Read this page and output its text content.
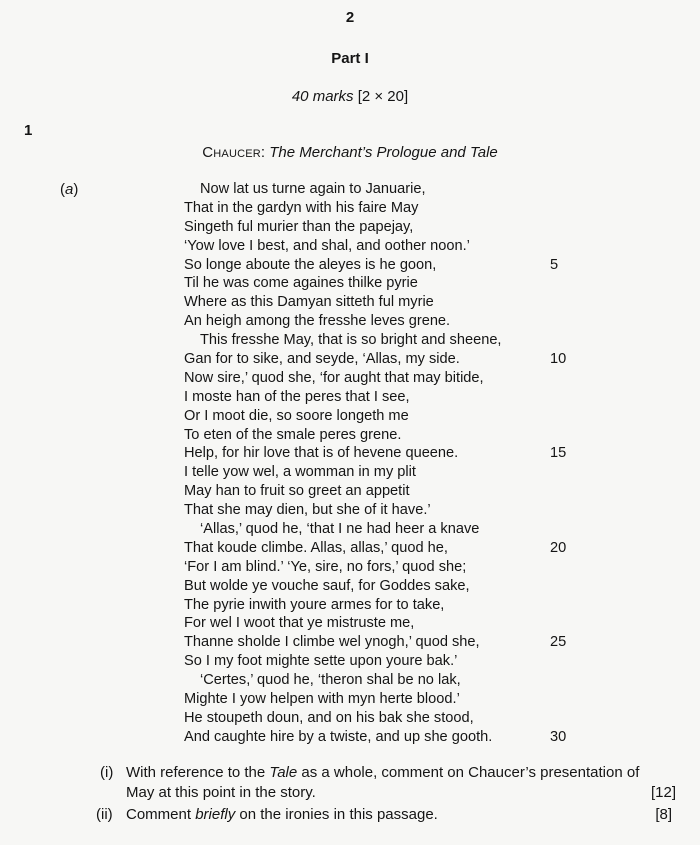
2
Part I
40 marks [2 × 20]
1
Chaucer: The Merchant’s Prologue and Tale
(a)	Now lat us turne again to Januarie,
That in the gardyn with his faire May
Singeth ful murier than the papejay,
‘Yow love I best, and shal, and oother noon.’
So longe aboute the aleyes is he goon,	5
Til he was come againes thilke pyrie
Where as this Damyan sitteth ful myrie
An heigh among the fresshe leves grene.
This fresshe May, that is so bright and sheene,
Gan for to sike, and seyde, ‘Allas, my side.	10
Now sire,’ quod she, ‘for aught that may bitide,
I moste han of the peres that I see,
Or I moot die, so soore longeth me
To eten of the smale peres grene.
Help, for hir love that is of hevene queene.	15
I telle yow wel, a womman in my plit
May han to fruit so greet an appetit
That she may dien, but she of it have.’
‘Allas,’ quod he, ‘that I ne had heer a knave
That koude climbe. Allas, allas,’ quod he,	20
‘For I am blind.’ ‘Ye, sire, no fors,’ quod she;
But wolde ye vouche sauf, for Goddes sake,
The pyrie inwith youre armes for to take,
For wel I woot that ye mistruste me,
Thanne sholde I climbe wel ynogh,’ quod she,	25
So I my foot mighte sette upon youre bak.’
‘Certes,’ quod he, ‘theron shal be no lak,
Mighte I yow helpen with myn herte blood.’
He stoupeth doun, and on his bak she stood,
And caughte hire by a twiste, and up she gooth.	30
(i) With reference to the Tale as a whole, comment on Chaucer’s presentation of
May at this point in the story.	[12]
(ii) Comment briefly on the ironies in this passage.	[8]
